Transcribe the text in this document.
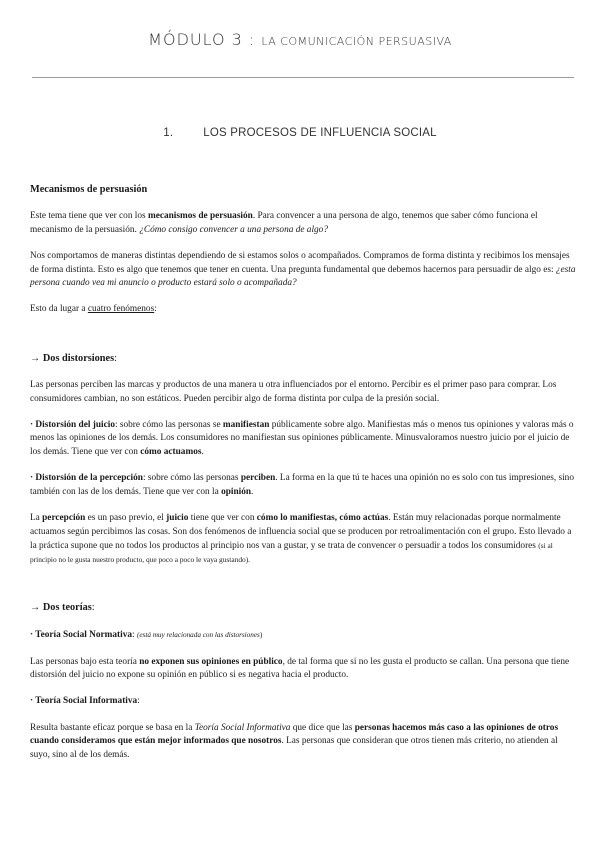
MÓDULO 3 : LA COMUNICACIÓN PERSUASIVA
1.	LOS PROCESOS DE INFLUENCIA SOCIAL

Mecanismos de persuasión

Este tema tiene que ver con los mecanismos de persuasión. Para convencer a una persona de algo, tenemos que saber cómo funciona el mecanismo de la persuasión. ¿Cómo consigo convencer a una persona de algo?

Nos comportamos de maneras distintas dependiendo de si estamos solos o acompañados. Compramos de forma distinta y recibimos los mensajes de forma distinta. Esto es algo que tenemos que tener en cuenta. Una pregunta fundamental que debemos hacernos para persuadir de algo es: ¿esta persona cuando vea mi anuncio o producto estará solo o acompañada?

Esto da lugar a cuatro fenómenos:

→ Dos distorsiones:

Las personas perciben las marcas y productos de una manera u otra influenciados por el entorno. Percibir es el primer paso para comprar. Los consumidores cambian, no son estáticos. Pueden percibir algo de forma distinta por culpa de la presión social.

· Distorsión del juicio: sobre cómo las personas se manifiestan públicamente sobre algo. Manifiestas más o menos tus opiniones y valoras más o menos las opiniones de los demás. Los consumidores no manifiestan sus opiniones públicamente. Minusvaloramos nuestro juicio por el juicio de los demás. Tiene que ver con cómo actuamos.

· Distorsión de la percepción: sobre cómo las personas perciben. La forma en la que tú te haces una opinión no es solo con tus impresiones, sino también con las de los demás. Tiene que ver con la opinión.

La percepción es un paso previo, el juicio tiene que ver con cómo lo manifiestas, cómo actúas. Están muy relacionadas porque normalmente actuamos según percibimos las cosas. Son dos fenómenos de influencia social que se producen por retroalimentación con el grupo. Esto llevado a la práctica supone que no todos los productos al principio nos van a gustar, y se trata de convencer o persuadir a todos los consumidores (si al principio no le gusta nuestro producto, que poco a poco le vaya gustando).

→ Dos teorías:

· Teoría Social Normativa: (está muy relacionada con las distorsiones)

Las personas bajo esta teoría no exponen sus opiniones en público, de tal forma que si no les gusta el producto se callan. Una persona que tiene distorsión del juicio no expone su opinión en público si es negativa hacia el producto.

· Teoría Social Informativa:

Resulta bastante eficaz porque se basa en la Teoría Social Informativa que dice que las personas hacemos más caso a las opiniones de otros cuando consideramos que están mejor informados que nosotros. Las personas que consideran que otros tienen más criterio, no atienden al suyo, sino al de los demás.
